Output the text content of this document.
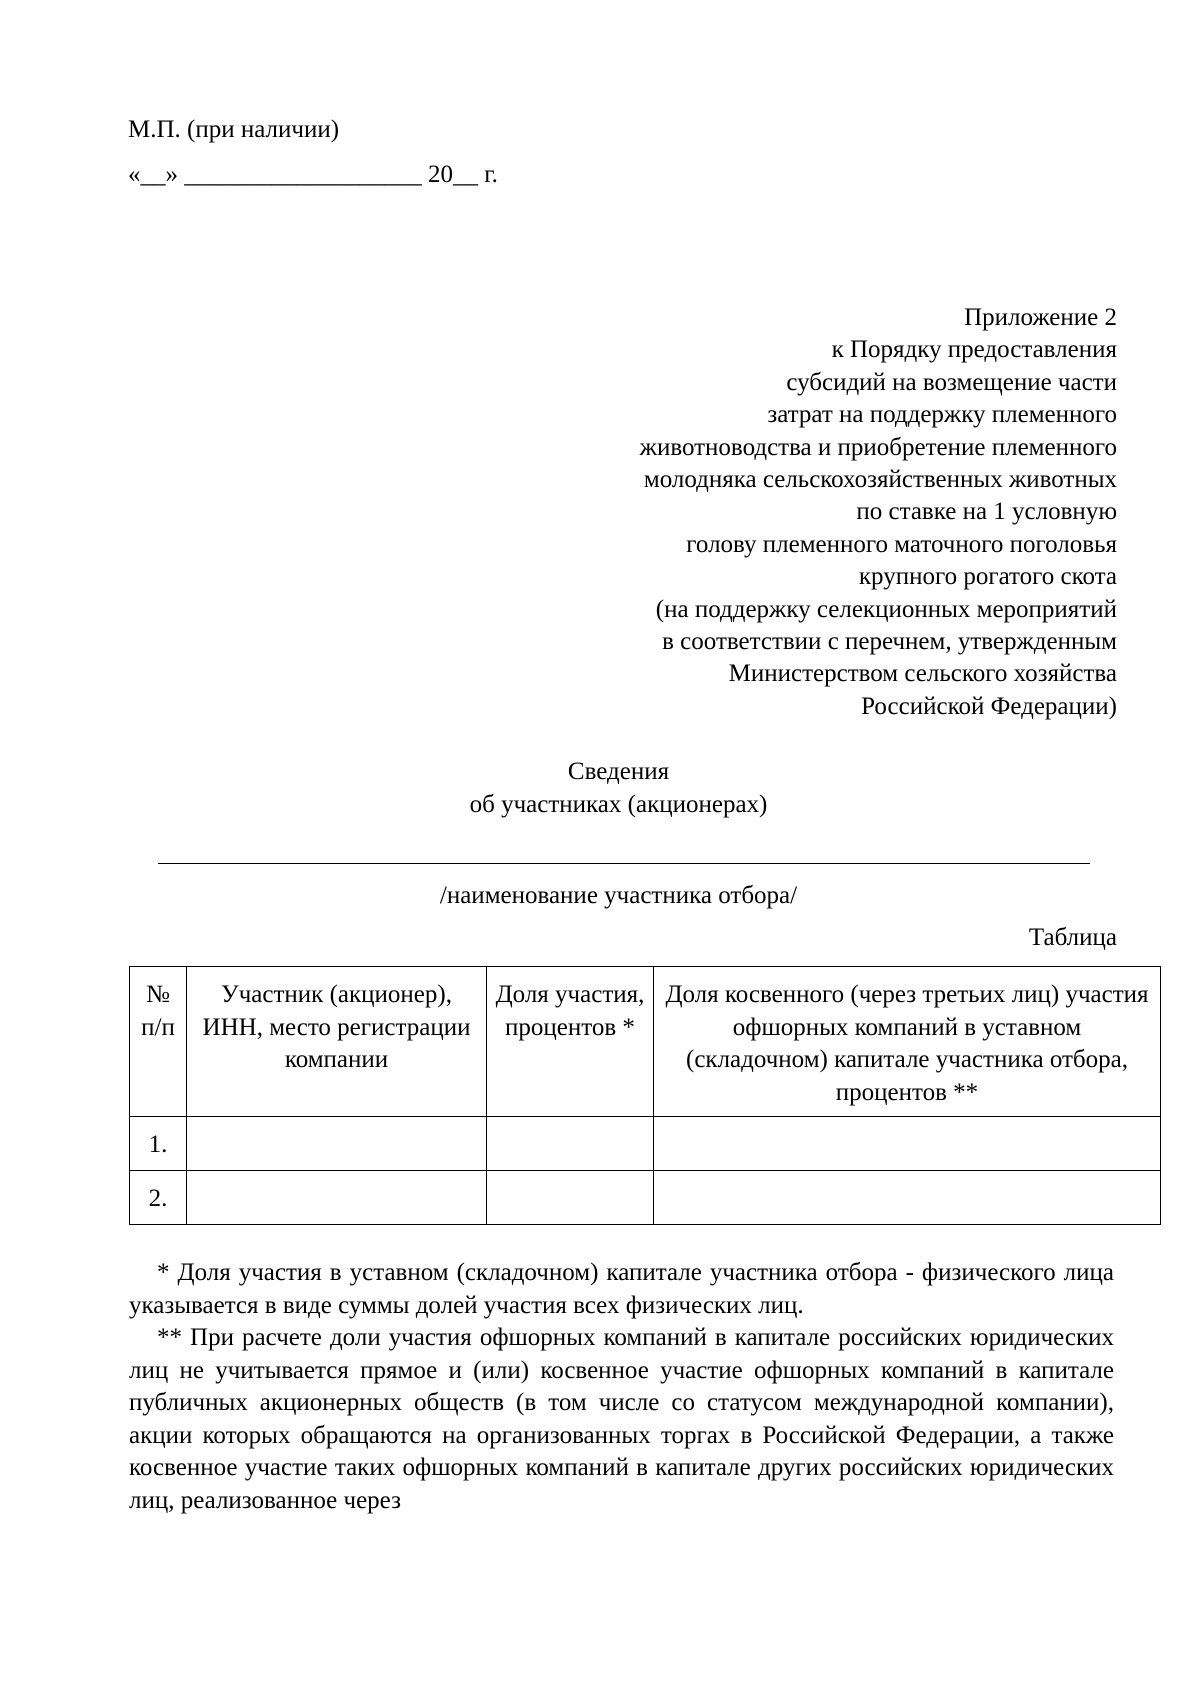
М.П. (при наличии)
«__» ___________________ 20__ г.
Приложение 2
к Порядку предоставления
субсидий на возмещение части
затрат на поддержку племенного
животноводства и приобретение племенного
молодняка сельскохозяйственных животных
по ставке на 1 условную
голову племенного маточного поголовья
крупного рогатого скота
(на поддержку селекционных мероприятий
в соответствии с перечнем, утвержденным
Министерством сельского хозяйства
Российской Федерации)
Сведения
об участниках (акционерах)
/наименование участника отбора/
Таблица
№ п/п	Участник (акционер), ИНН, место регистрации компании	Доля участия, процентов *	Доля косвенного (через третьих лиц) участия офшорных компаний в уставном (складочном) капитале участника отбора, процентов **
1.			
2.			

* Доля участия в уставном (складочном) капитале участника отбора - физического лица указывается в виде суммы долей участия всех физических лиц.

** При расчете доли участия офшорных компаний в капитале российских юридических лиц не учитывается прямое и (или) косвенное участие офшорных компаний в капитале публичных акционерных обществ (в том числе со статусом международной компании), акции которых обращаются на организованных торгах в Российской Федерации, а также косвенное участие таких офшорных компаний в капитале других российских юридических лиц, реализованное через
